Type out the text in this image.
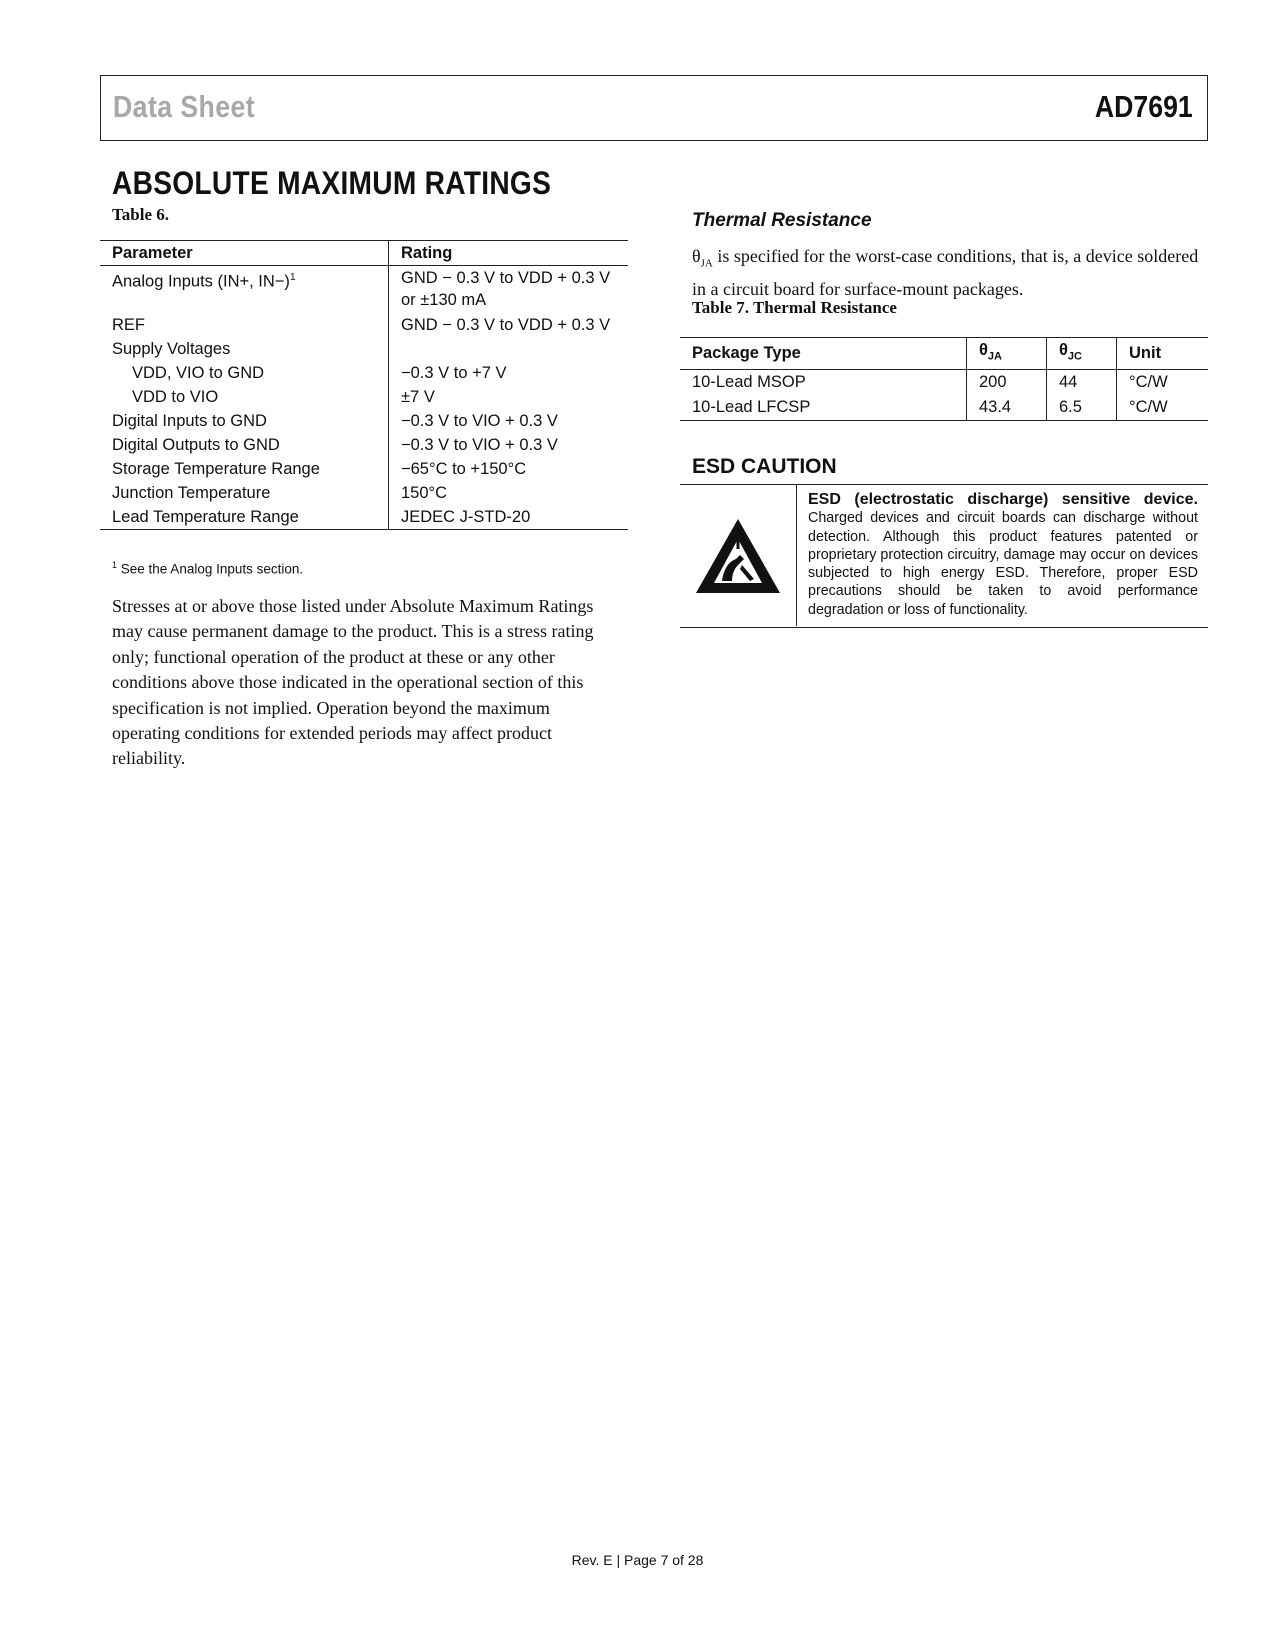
Data Sheet	AD7691
ABSOLUTE MAXIMUM RATINGS
Table 6.
Parameter	Rating
Analog Inputs (IN+, IN−)$^1$	GND − 0.3 V to VDD + 0.3 V
or ±130 mA

REF	GND − 0.3 V to VDD + 0.3 V
Supply Voltages	
VDD, VIO to GND	−0.3 V to +7 V
VDD to VIO	±7 V
Digital Inputs to GND	−0.3 V to VIO + 0.3 V
Digital Outputs to GND	−0.3 V to VIO + 0.3 V
Storage Temperature Range	−65°C to +150°C
Junction Temperature	150°C
Lead Temperature Range	JEDEC J-STD-20
$^1$ See the Analog Inputs section.
Stresses at or above those listed under Absolute Maximum Ratings may cause permanent damage to the product. This is a stress rating only; functional operation of the product at these or any other conditions above those indicated in the operational section of this specification is not implied. Operation beyond the maximum operating conditions for extended periods may affect product reliability.
Thermal Resistance
$\theta_{JA}$ is specified for the worst-case conditions, that is, a device soldered in a circuit board for surface-mount packages.
Table 7. Thermal Resistance
Package Type	$\theta_{JA}$	$\theta_{JC}$	Unit
10-Lead MSOP	200	44	°C/W
10-Lead LFCSP	43.4	6.5	°C/W
ESD CAUTION
ESD (electrostatic discharge) sensitive device. Charged devices and circuit boards can discharge without detection. Although this product features patented or proprietary protection circuitry, damage may occur on devices subjected to high energy ESD. Therefore, proper ESD precautions should be taken to avoid performance degradation or loss of functionality.
Rev. E | Page 7 of 28
